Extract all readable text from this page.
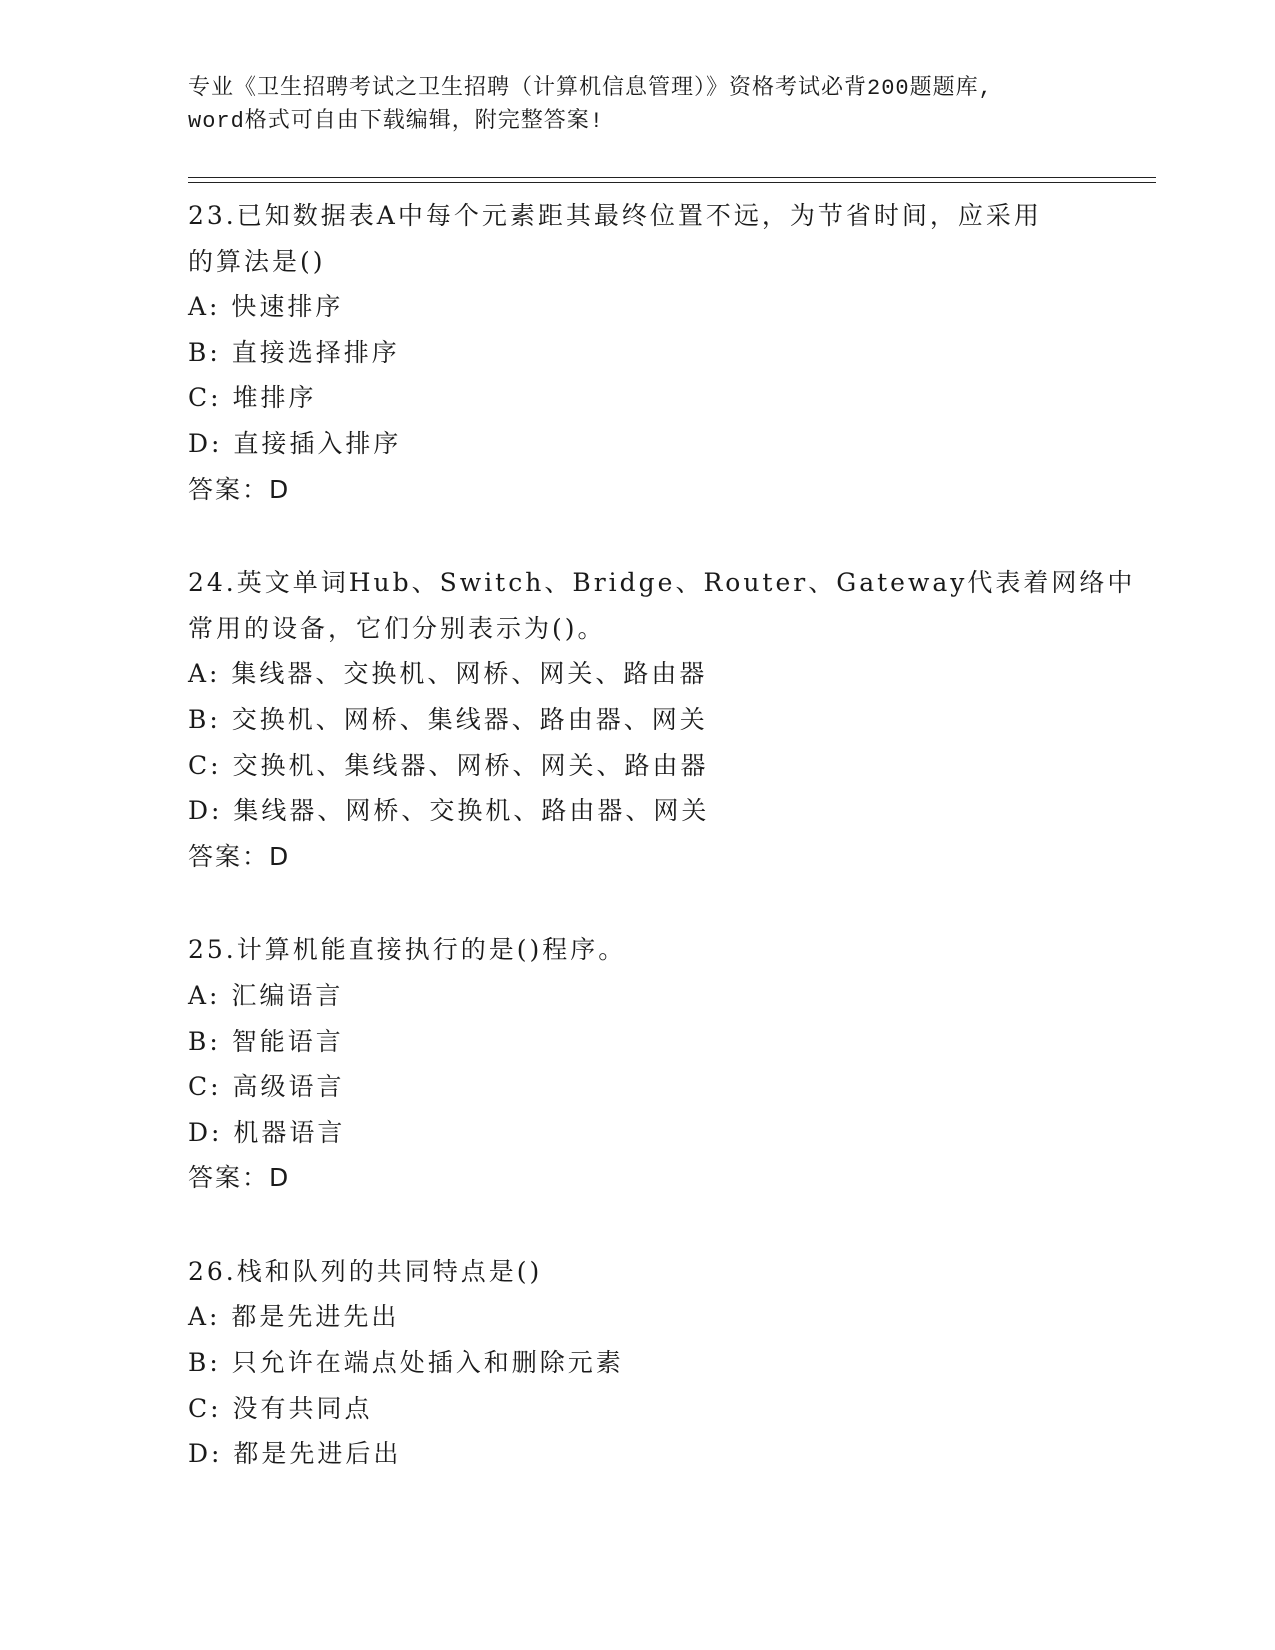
专业《卫生招聘考试之卫生招聘（计算机信息管理）》资格考试必背200题题库,
word格式可自由下载编辑，附完整答案!
23.已知数据表A中每个元素距其最终位置不远，为节省时间，应采用
的算法是()
A: 快速排序
B: 直接选择排序
C: 堆排序
D: 直接插入排序
答案：D
24.英文单词Hub、Switch、Bridge、Router、Gateway代表着网络中
常用的设备，它们分别表示为()。
A: 集线器、交换机、网桥、网关、路由器
B: 交换机、网桥、集线器、路由器、网关
C: 交换机、集线器、网桥、网关、路由器
D: 集线器、网桥、交换机、路由器、网关
答案：D
25.计算机能直接执行的是()程序。
A: 汇编语言
B: 智能语言
C: 高级语言
D: 机器语言
答案：D
26.栈和队列的共同特点是()
A: 都是先进先出
B: 只允许在端点处插入和删除元素
C: 没有共同点
D: 都是先进后出
